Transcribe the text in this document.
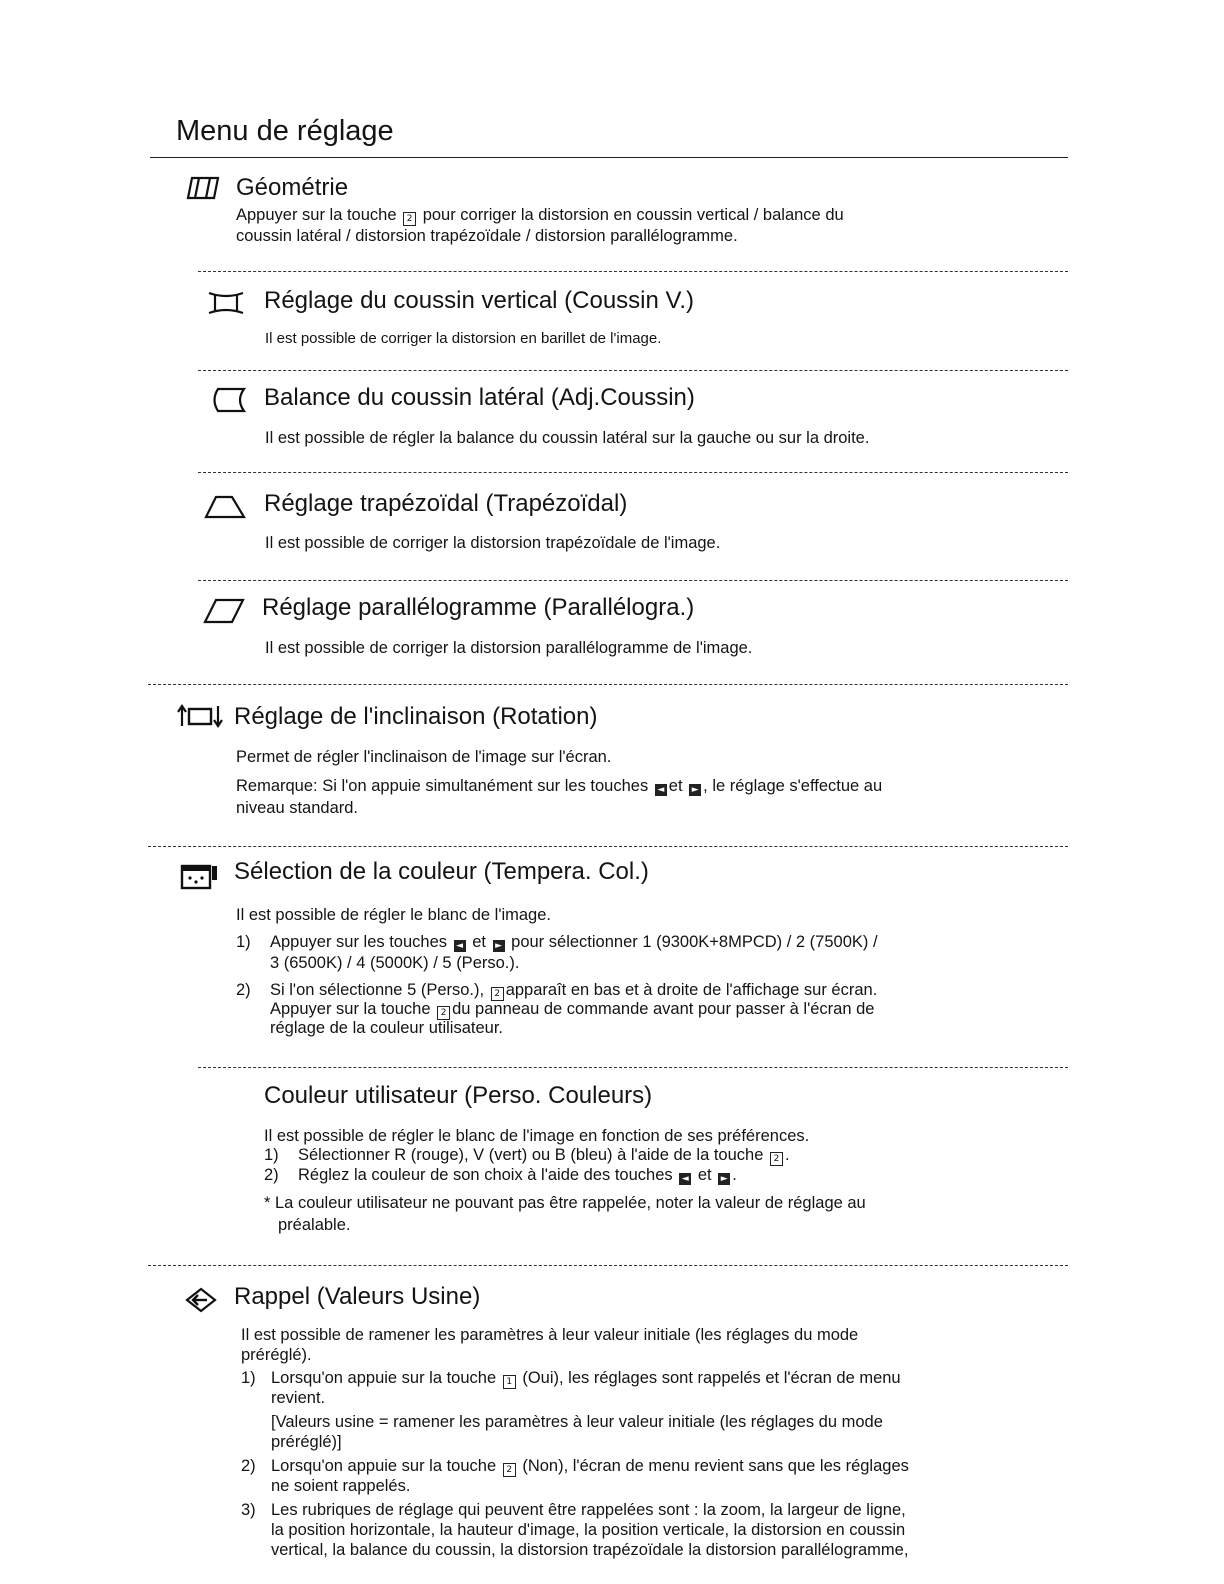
Menu de réglage
Géométrie
Appuyer sur la touche 2 pour corriger la distorsion en coussin vertical / balance du
coussin latéral / distorsion trapézoïdale / distorsion parallélogramme.
Réglage du coussin vertical (Coussin V.)
Il est possible de corriger la distorsion en barillet de l'image.
Balance du coussin latéral (Adj.Coussin)
Il est possible de régler la balance du coussin latéral sur la gauche ou sur la droite.
Réglage trapézoïdal (Trapézoïdal)
Il est possible de corriger la distorsion trapézoïdale de l'image.
Réglage parallélogramme (Parallélogra.)
Il est possible de corriger la distorsion parallélogramme de l'image.
Réglage de l'inclinaison (Rotation)
Permet de régler l'inclinaison de l'image sur l'écran.
Remarque: Si l'on appuie simultanément sur les touches ◄ et ► , le réglage s'effectue au
niveau standard.
Sélection de la couleur (Tempera. Col.)
Il est possible de régler le blanc de l'image.
1) Appuyer sur les touches ◄ et ► pour sélectionner 1 (9300K+8MPCD) / 2 (7500K) /
3 (6500K) / 4 (5000K) / 5 (Perso.).
2) Si l'on sélectionne 5 (Perso.), 2 apparaît en bas et à droite de l'affichage sur écran.
Appuyer sur la touche 2 du panneau de commande avant pour passer à l'écran de
réglage de la couleur utilisateur.
Couleur utilisateur (Perso. Couleurs)
Il est possible de régler le blanc de l'image en fonction de ses préférences.
1) Sélectionner R (rouge), V (vert) ou B (bleu) à l'aide de la touche 2 .
2) Réglez la couleur de son choix à l'aide des touches ◄ et ► .
* La couleur utilisateur ne pouvant pas être rappelée, noter la valeur de réglage au
préalable.
Rappel (Valeurs Usine)
Il est possible de ramener les paramètres à leur valeur initiale (les réglages du mode
préréglé).
1) Lorsqu'on appuie sur la touche 1 (Oui), les réglages sont rappelés et l'écran de menu
revient.
[Valeurs usine = ramener les paramètres à leur valeur initiale (les réglages du mode
préréglé)]
2) Lorsqu'on appuie sur la touche 2 (Non), l'écran de menu revient sans que les réglages
ne soient rappelés.
3) Les rubriques de réglage qui peuvent être rappelées sont : la zoom, la largeur de ligne,
la position horizontale, la hauteur d'image, la position verticale, la distorsion en coussin
vertical, la balance du coussin, la distorsion trapézoïdale la distorsion parallélogramme,
